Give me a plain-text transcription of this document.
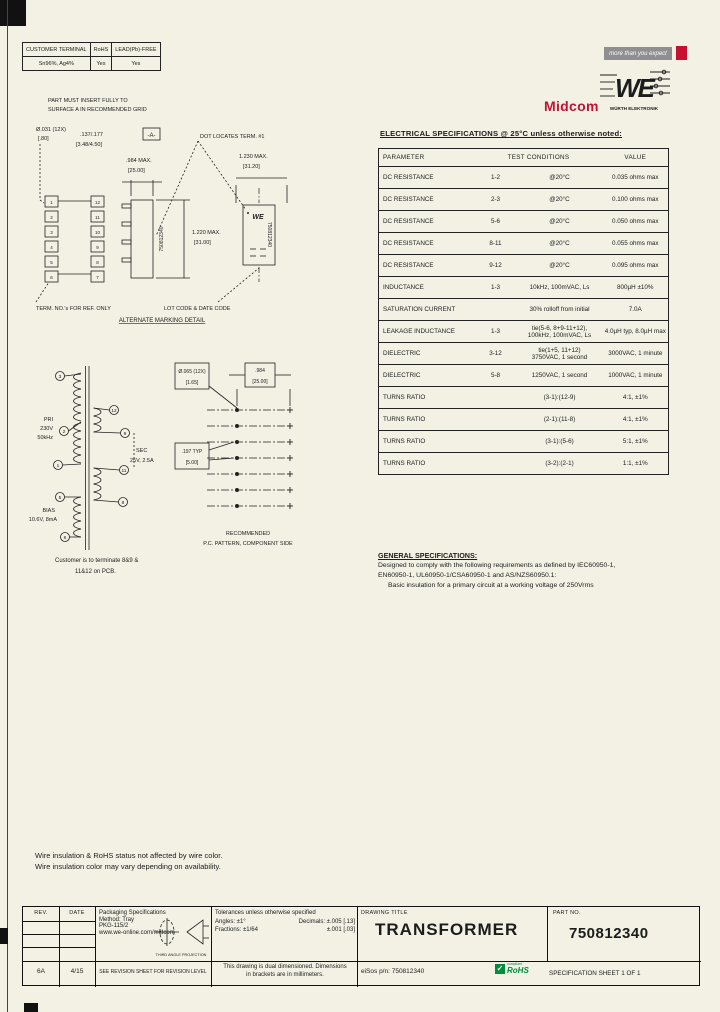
CUSTOMER TERMINAL	RoHS	LEAD(Pb)-FREE
Sn96%, Ag4%	Yes	Yes
more than you expect
Midcom
WE
WÜRTH ELEKTRONIK
1	12
2	11
3	10
4	9
5	8
6	7
3
2
1
5
6
12
9
11
8
PART MUST INSERT FULLY TO
SURFACE A IN RECOMMENDED GRID
Ø.031 (12X)
[.80]
.137/.177
[3.48/4.50]
-A-	DOT LOCATES TERM. #1
.984 MAX.
[25.00]
1.230 MAX.
[31.20]
1.220 MAX.
[31.00]
TERM. NO.'s FOR REF. ONLY	LOT CODE & DATE CODE
ALTERNATE MARKING DETAIL
WE
750812340
750812340
PRI
230V
50kHz
BIAS
10.6V, 8mA
SEC
25V, 2.5A
Ø.065 (12X)
[1.65]
.984
[25.00]
.197 TYP
[5.00]
RECOMMENDED
P.C. PATTERN, COMPONENT SIDE
Customer is to terminate 8&9 &
11&12 on PCB.
ELECTRICAL SPECIFICATIONS @ 25°C unless otherwise noted:
PARAMETER	TEST CONDITIONS		VALUE
DC RESISTANCE	1-2	@20°C	0.035 ohms max
DC RESISTANCE	2-3	@20°C	0.100 ohms max
DC RESISTANCE	5-6	@20°C	0.050 ohms max
DC RESISTANCE	8-11	@20°C	0.055 ohms max
DC RESISTANCE	9-12	@20°C	0.095 ohms max
INDUCTANCE	1-3	10kHz, 100mVAC, Ls	800µH ±10%
SATURATION CURRENT		30% rolloff from initial	7.0A
LEAKAGE INDUCTANCE	1-3	tie(5-6, 8+9-11+12),
100kHz, 100mVAC, Ls	4.0µH typ, 8.0µH max
DIELECTRIC	3-12	tie(1+5, 11+12)
3750VAC, 1 second	3000VAC, 1 minute
DIELECTRIC	5-8	1250VAC, 1 second	1000VAC, 1 minute
TURNS RATIO		(3-1):(12-9)	4:1, ±1%
TURNS RATIO		(2-1):(11-8)	4:1, ±1%
TURNS RATIO		(3-1):(5-6)	5:1, ±1%
TURNS RATIO		(3-2):(2-1)	1:1, ±1%
GENERAL SPECIFICATIONS:
Designed to comply with the following requirements as defined by IEC60950-1,
EN60950-1, UL60950-1/CSA60950-1 and AS/NZS60950.1:
Basic insulation for a primary circuit at a working voltage of 250Vrms
Wire insulation & RoHS status not affected by wire color.
Wire insulation color may vary depending on availability.
REV.	DATE
6A	4/15
Packaging Specifications
Method: Tray
PKG-115/2
www.we-online.com/midcom
THIRD ANGLE PROJECTION
SEE REVISION SHEET FOR REVISION LEVEL
Tolerances unless otherwise specified
Angles: ±1°	Decimals: ±.005 [.13]
Fractions: ±1/64	±.001 [.03]
This drawing is dual dimensioned. Dimensions
in brackets are in millimeters.
DRAWING TITLE
TRANSFORMER
PART NO.
750812340
eiSos p/n: 750812340	✓	compliant
RoHS	SPECIFICATION SHEET 1 OF 1
